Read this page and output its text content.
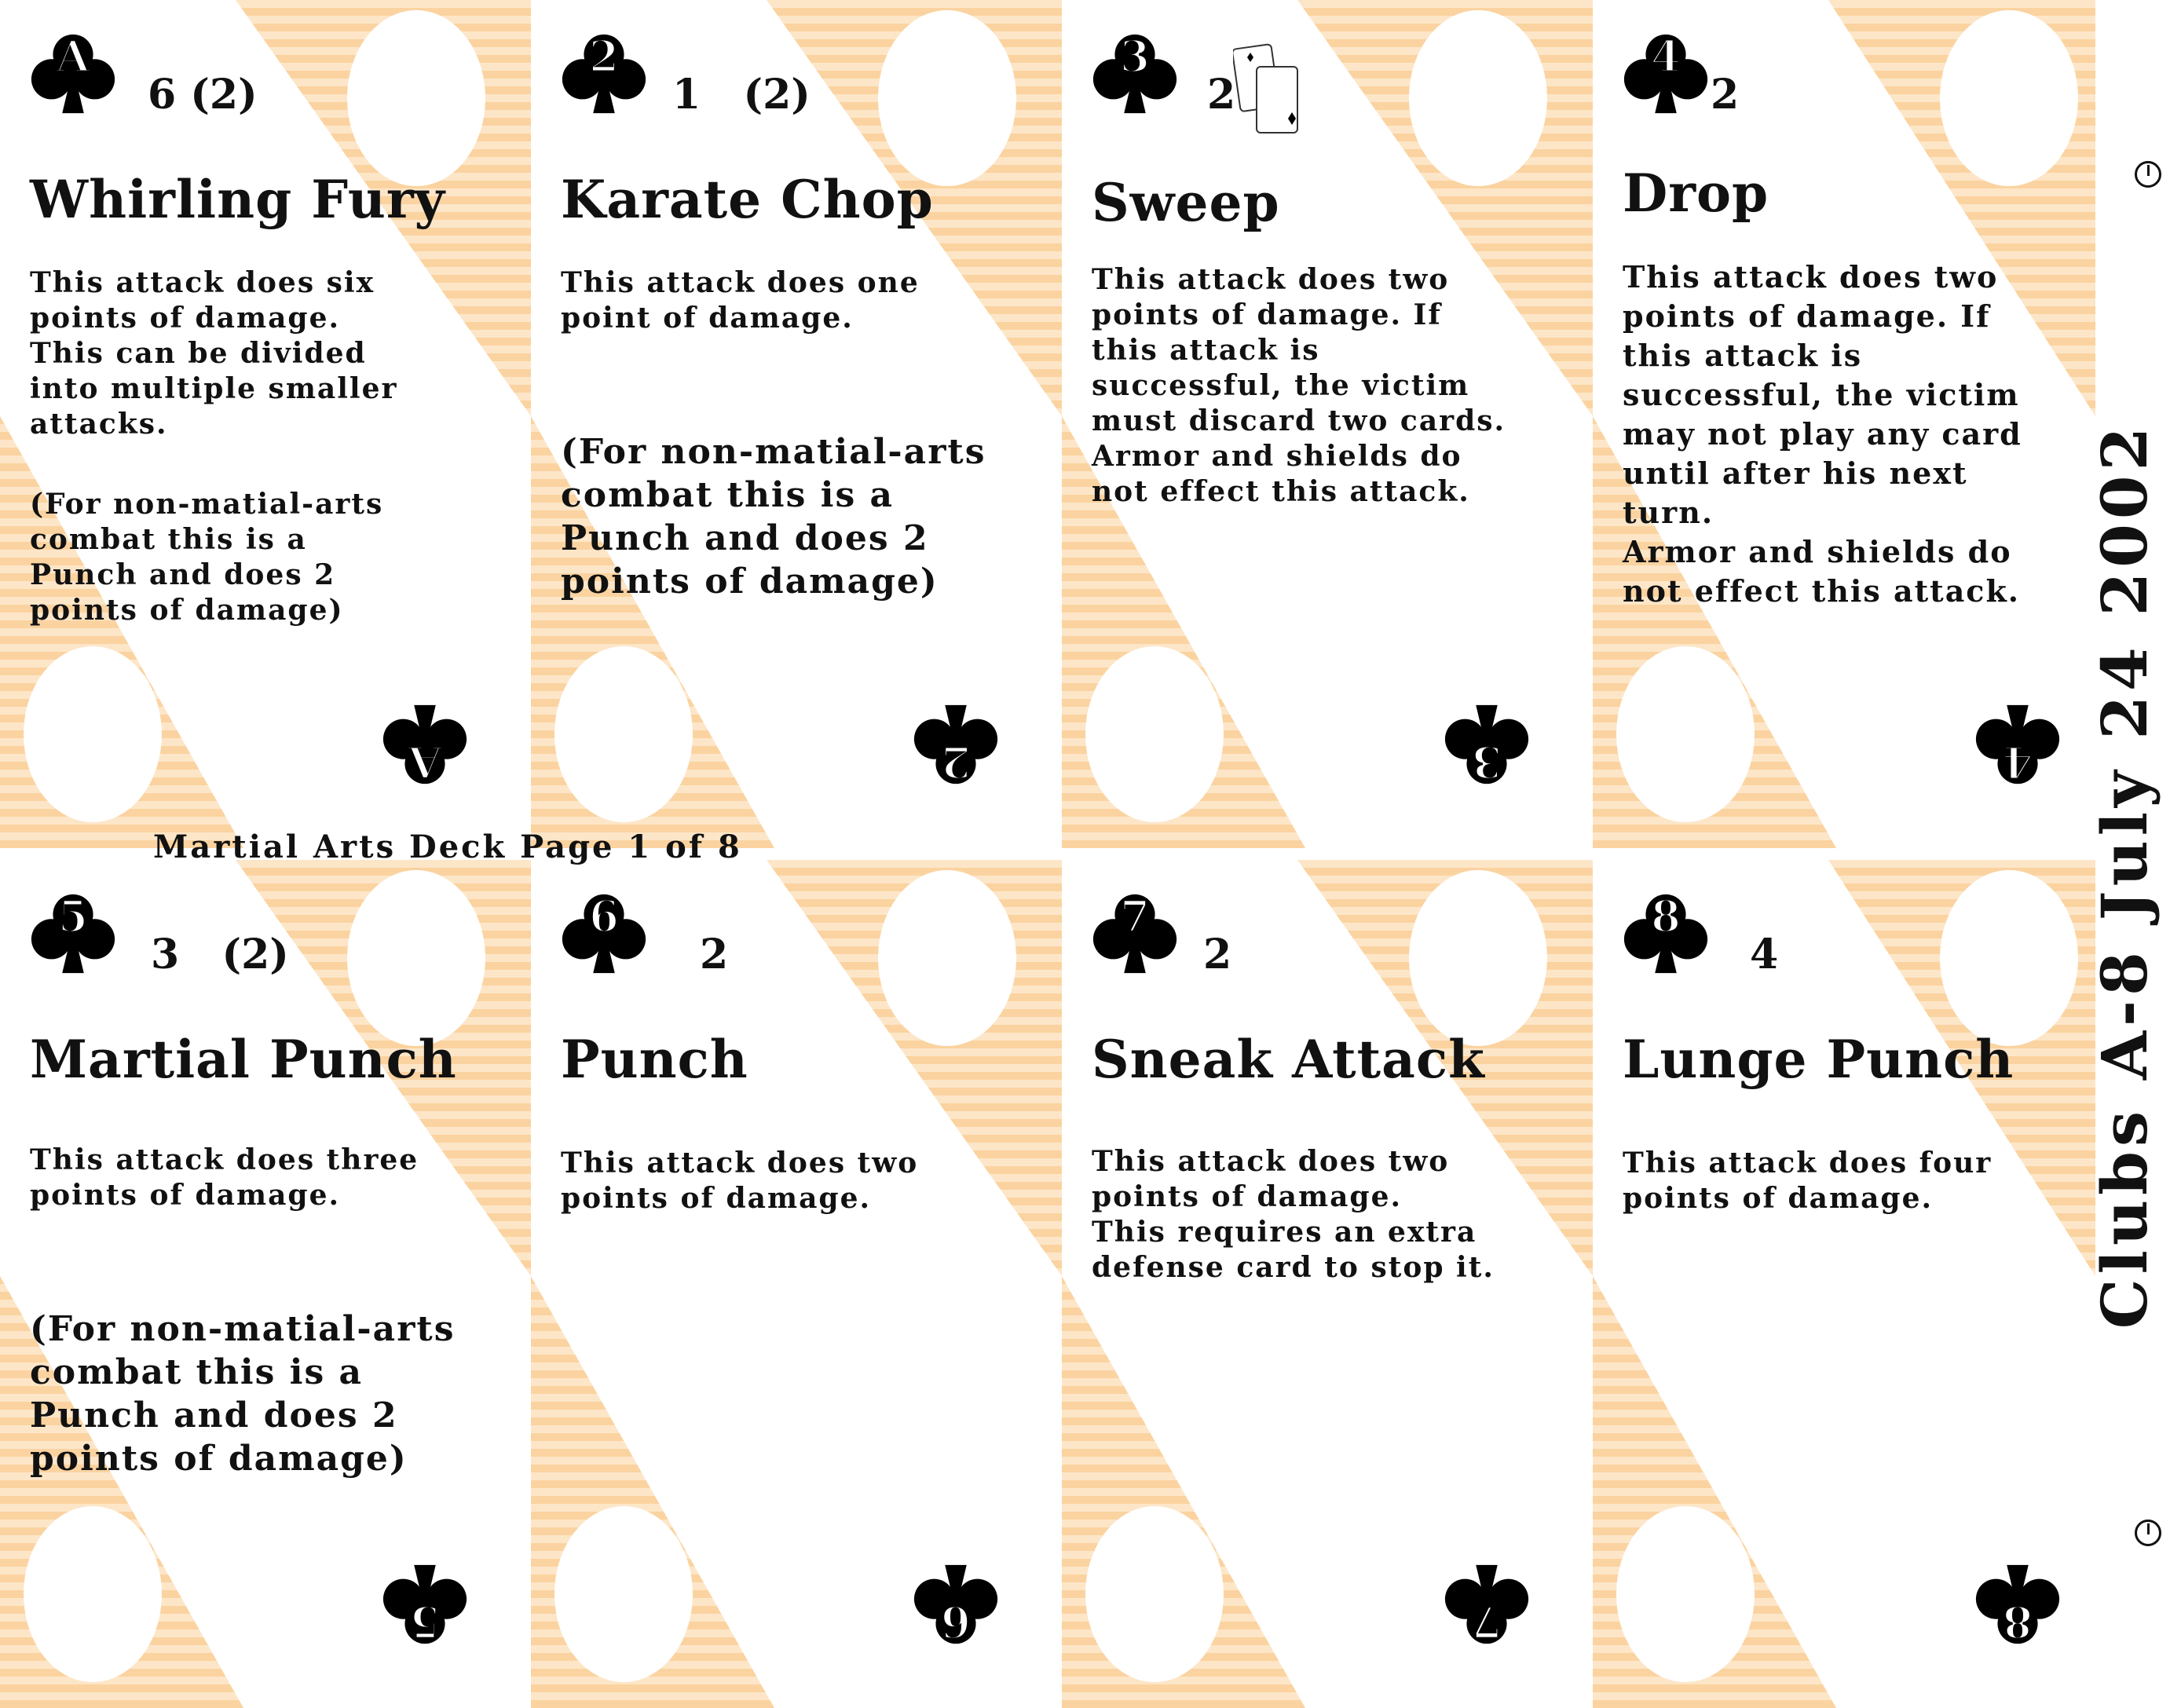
A
6 (2)
Whirling Fury
This attack does six
points of damage.
This can be divided
into multiple smaller
attacks.
(For non-matial-arts
combat this is a
Punch and does 2
points of damage)
A
2
1   (2)
Karate Chop
This attack does one
point of damage.
(For non-matial-arts
combat this is a
Punch and does 2
points of damage)
2
3
2
Sweep
This attack does two
points of damage. If
this attack is
successful, the victim
must discard two cards.
Armor and shields do
not effect this attack.
3
4
2
Drop
This attack does two
points of damage. If
this attack is
successful, the victim
may not play any card
until after his next
turn.
Armor and shields do
not effect this attack.
4
5
3   (2)
Martial Punch
This attack does three
points of damage.
(For non-matial-arts
combat this is a
Punch and does 2
points of damage)
5
6
2
Punch
This attack does two
points of damage.
6
7
2
Sneak Attack
This attack does two
points of damage.
This requires an extra
defense card to stop it.
7
8
4
Lunge Punch
This attack does four
points of damage.
8
Martial Arts Deck Page 1 of 8	Clubs A-8 July 24 2002
